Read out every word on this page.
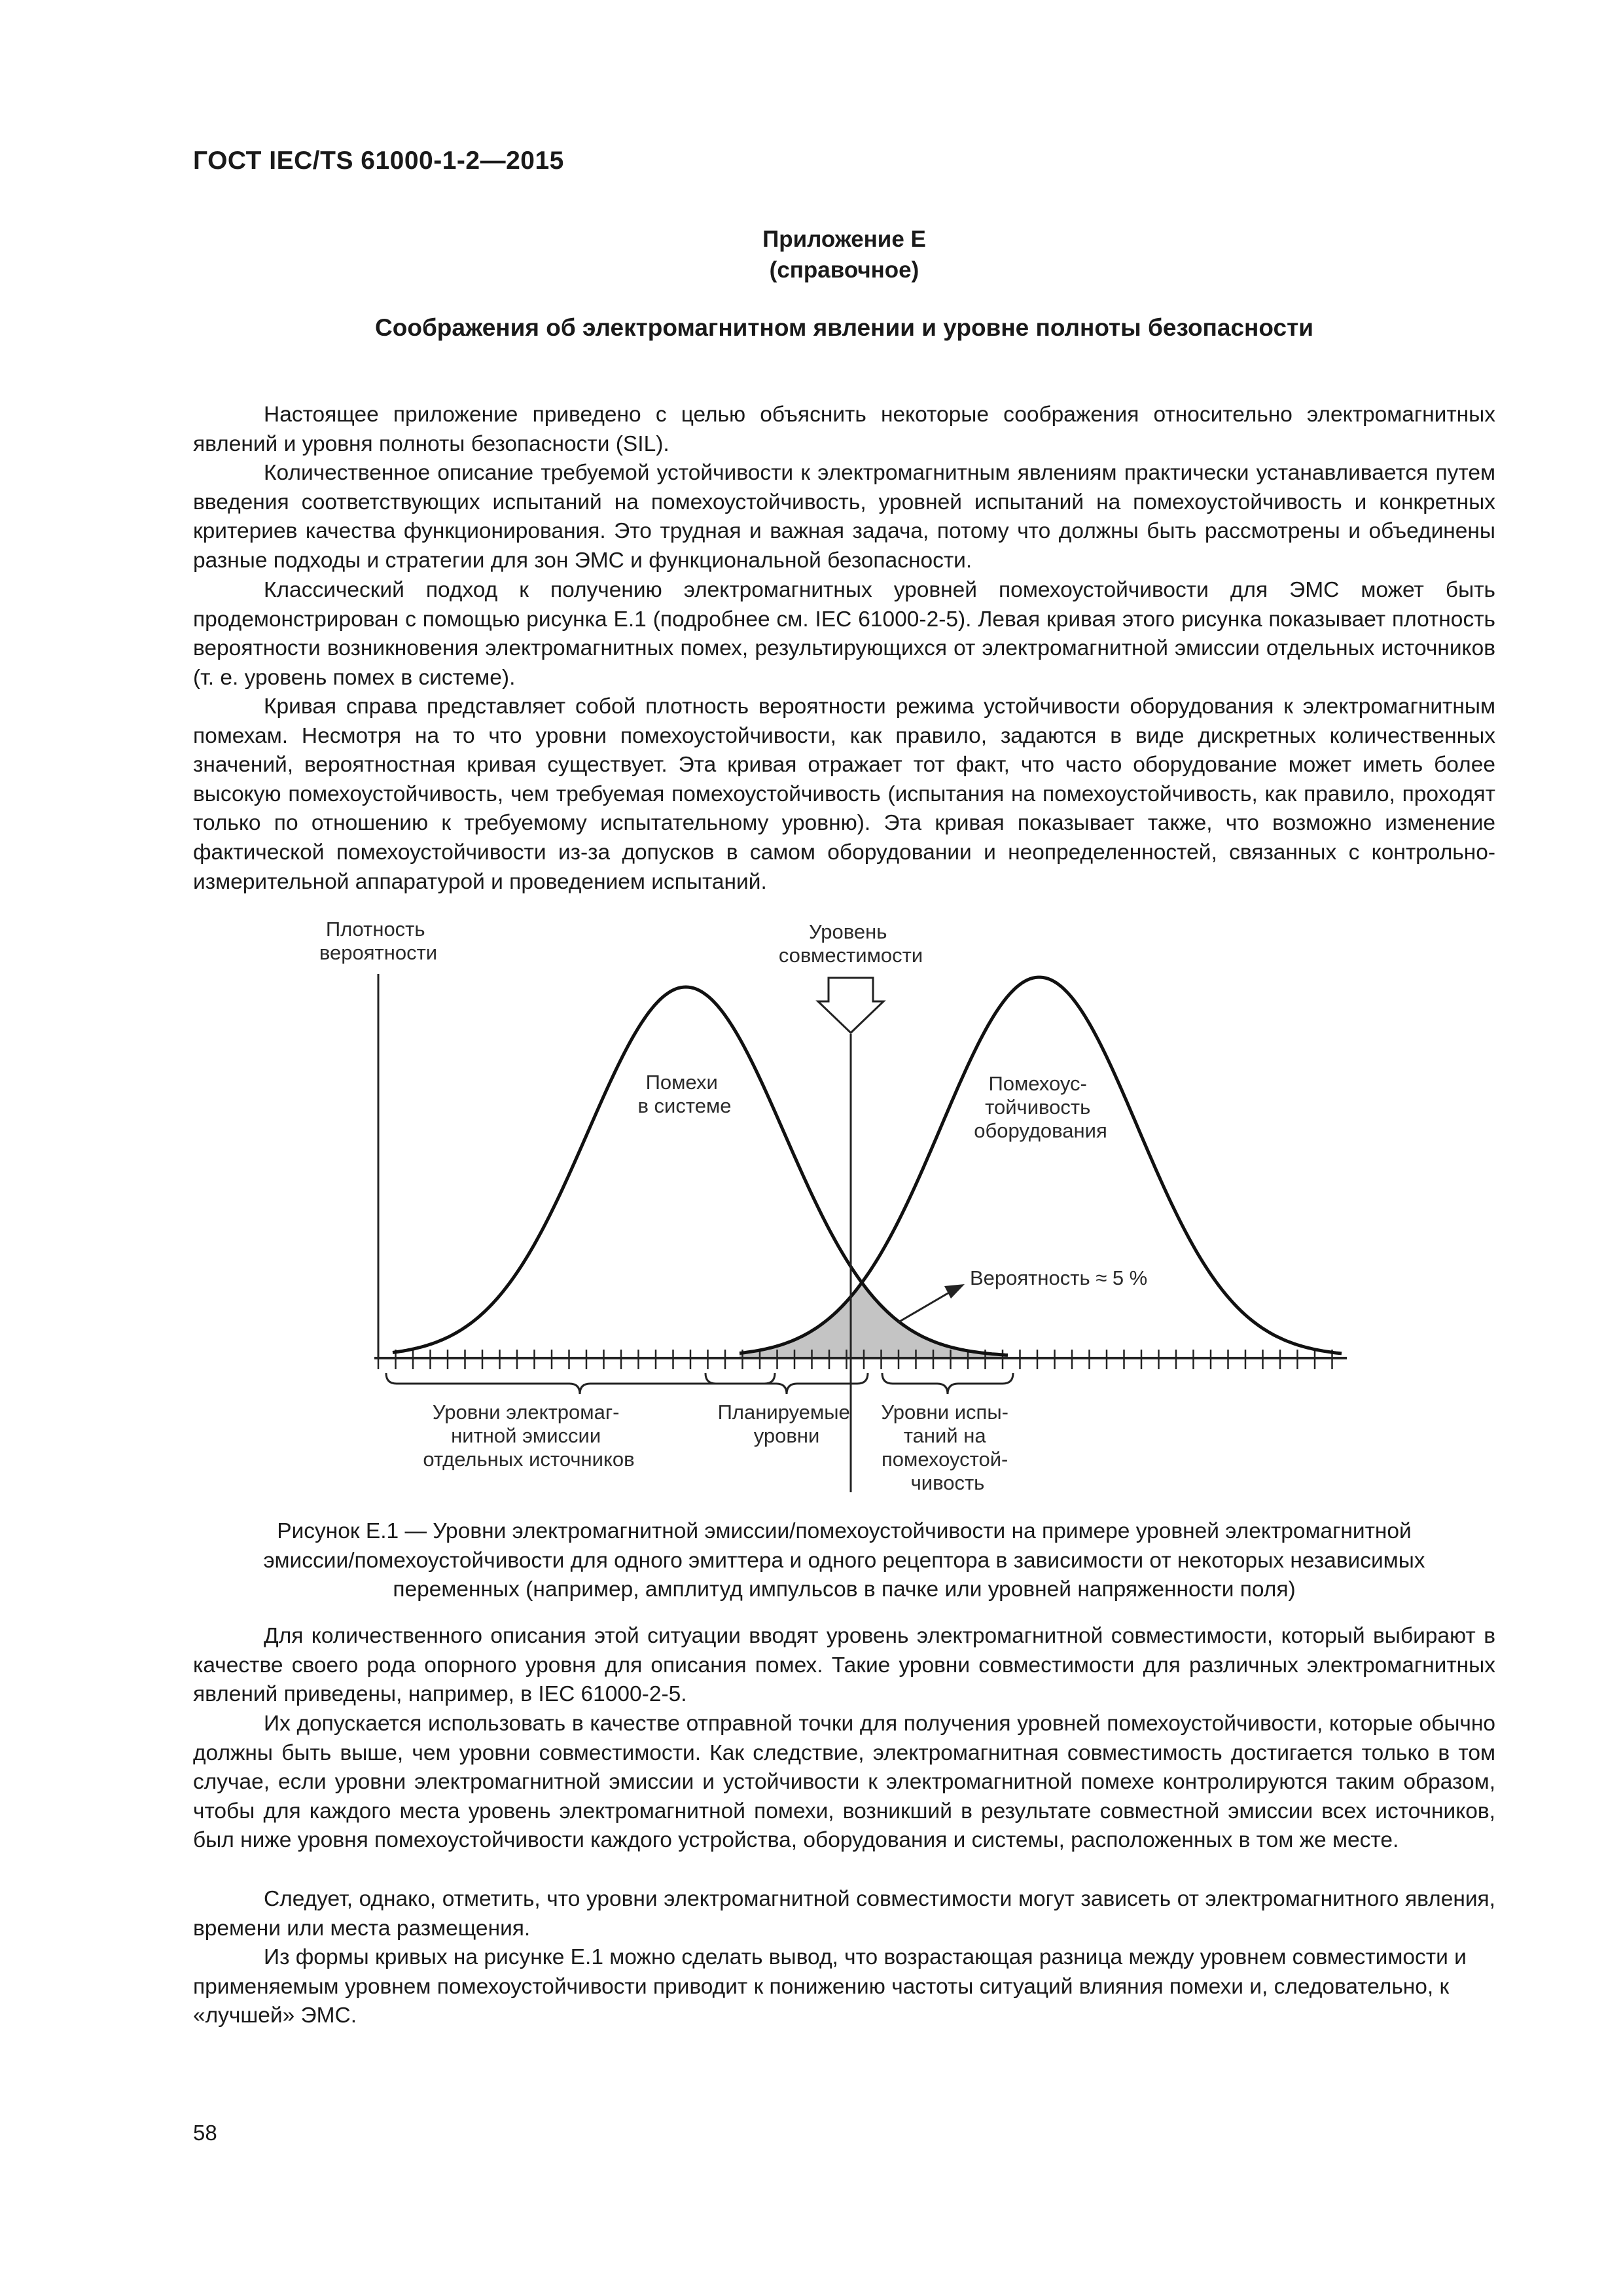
ГОСТ IEC/TS 61000-1-2—2015
Приложение Е
(справочное)
Соображения об электромагнитном явлении и уровне полноты безопасности

Настоящее приложение приведено с целью объяснить некоторые соображения относительно электромагнитных явлений и уровня полноты безопасности (SIL).

Количественное описание требуемой устойчивости к электромагнитным явлениям практически устанавливается путем введения соответствующих испытаний на помехоустойчивость, уровней испытаний на помехоустойчивость и конкретных критериев качества функционирования. Это трудная и важная задача, потому что должны быть рассмотрены и объединены разные подходы и стратегии для зон ЭМС и функциональной безопасности.

Классический подход к получению электромагнитных уровней помехоустойчивости для ЭМС может быть продемонстрирован с помощью рисунка Е.1 (подробнее см. IEC 61000-2-5). Левая кривая этого рисунка показывает плотность вероятности возникновения электромагнитных помех, результирующихся от электромагнитной эмиссии отдельных источников (т. е. уровень помех в системе).

Кривая справа представляет собой плотность вероятности режима устойчивости оборудования к электромагнитным помехам. Несмотря на то что уровни помехоустойчивости, как правило, задаются в виде дискретных количественных значений, вероятностная кривая существует. Эта кривая отражает тот факт, что часто оборудование может иметь более высокую помехоустойчивость, чем требуемая помехоустойчивость (испытания на помехоустойчивость, как правило, проходят только по отношению к требуемому испытательному уровню). Эта кривая показывает также, что возможно изменение фактической помехоустойчивости из-за допусков в самом оборудовании и неопределенностей, связанных с контрольно-измерительной аппаратурой и проведением испытаний.

Плотность вероятности
Уровень совместимости
Помехи в системе
Помехоус- тойчивость оборудования
Вероятность ≈ 5 %
Уровни электромаг- нитной эмиссии отдельных источников
Планируемые уровни
Уровни испы- таний на помехоустой- чивость
Рисунок Е.1 — Уровни электромагнитной эмиссии/помехоустойчивости на примере уровней электромагнитной
эмиссии/помехоустойчивости для одного эмиттера и одного рецептора в зависимости от некоторых независимых
переменных (например, амплитуд импульсов в пачке или уровней напряженности поля)

Для количественного описания этой ситуации вводят уровень электромагнитной совместимости, который выбирают в качестве своего рода опорного уровня для описания помех. Такие уровни совместимости для различных электромагнитных явлений приведены, например, в IEC 61000-2-5.

Их допускается использовать в качестве отправной точки для получения уровней помехоустойчивости, которые обычно должны быть выше, чем уровни совместимости. Как следствие, электромагнитная совместимость достигается только в том случае, если уровни электромагнитной эмиссии и устойчивости к электромагнитной помехе контролируются таким образом, чтобы для каждого места уровень электромагнитной помехи, возникший в результате совместной эмиссии всех источников, был ниже уровня помехоустойчивости каждого устройства, оборудования и системы, расположенных в том же месте.

Следует, однако, отметить, что уровни электромагнитной совместимости могут зависеть от электромагнитного явления, времени или места размещения.

Из формы кривых на рисунке Е.1 можно сделать вывод, что возрастающая разница между уровнем совместимости и применяемым уровнем помехоустойчивости приводит к понижению частоты ситуаций влияния помехи и, следовательно, к «лучшей» ЭМС.

58
